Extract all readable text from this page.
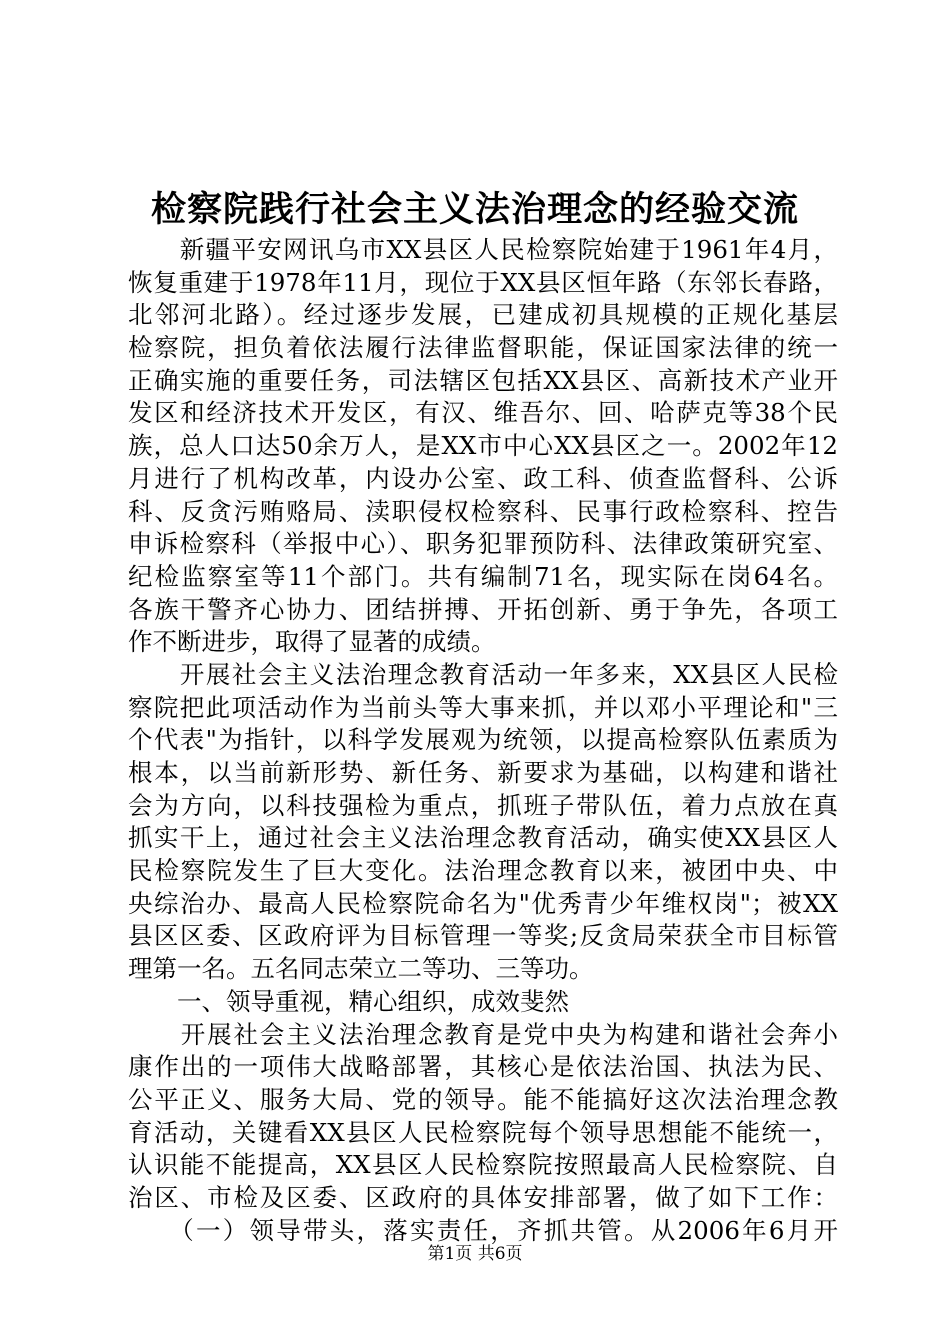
检察院践行社会主义法治理念的经验交流
　　新疆平安网讯乌市XX县区人民检察院始建于1961年4月，
恢复重建于1978年11月，现位于XX县区恒年路（东邻长春路，
北邻河北路）。经过逐步发展，已建成初具规模的正规化基层
检察院，担负着依法履行法律监督职能，保证国家法律的统一
正确实施的重要任务，司法辖区包括XX县区、高新技术产业开
发区和经济技术开发区，有汉、维吾尔、回、哈萨克等38个民
族，总人口达50余万人，是XX市中心XX县区之一。2002年12
月进行了机构改革，内设办公室、政工科、侦查监督科、公诉
科、反贪污贿赂局、渎职侵权检察科、民事行政检察科、控告
申诉检察科（举报中心）、职务犯罪预防科、法律政策研究室、
纪检监察室等11个部门。共有编制71名，现实际在岗64名。
各族干警齐心协力、团结拼搏、开拓创新、勇于争先，各项工
作不断进步，取得了显著的成绩。
　　开展社会主义法治理念教育活动一年多来，XX县区人民检
察院把此项活动作为当前头等大事来抓，并以邓小平理论和"三
个代表"为指针，以科学发展观为统领，以提高检察队伍素质为
根本，以当前新形势、新任务、新要求为基础，以构建和谐社
会为方向，以科技强检为重点，抓班子带队伍，着力点放在真
抓实干上，通过社会主义法治理念教育活动，确实使XX县区人
民检察院发生了巨大变化。法治理念教育以来，被团中央、中
央综治办、最高人民检察院命名为"优秀青少年维权岗"；被XX
县区区委、区政府评为目标管理一等奖;反贪局荣获全市目标管
理第一名。五名同志荣立二等功、三等功。
　　一、领导重视，精心组织，成效斐然
　　开展社会主义法治理念教育是党中央为构建和谐社会奔小
康作出的一项伟大战略部署，其核心是依法治国、执法为民、
公平正义、服务大局、党的领导。能不能搞好这次法治理念教
育活动，关键看XX县区人民检察院每个领导思想能不能统一，
认识能不能提高，XX县区人民检察院按照最高人民检察院、自
治区、市检及区委、区政府的具体安排部署，做了如下工作：
　　（一）领导带头，落实责任，齐抓共管。从2006年6月开
第1页 共6页
